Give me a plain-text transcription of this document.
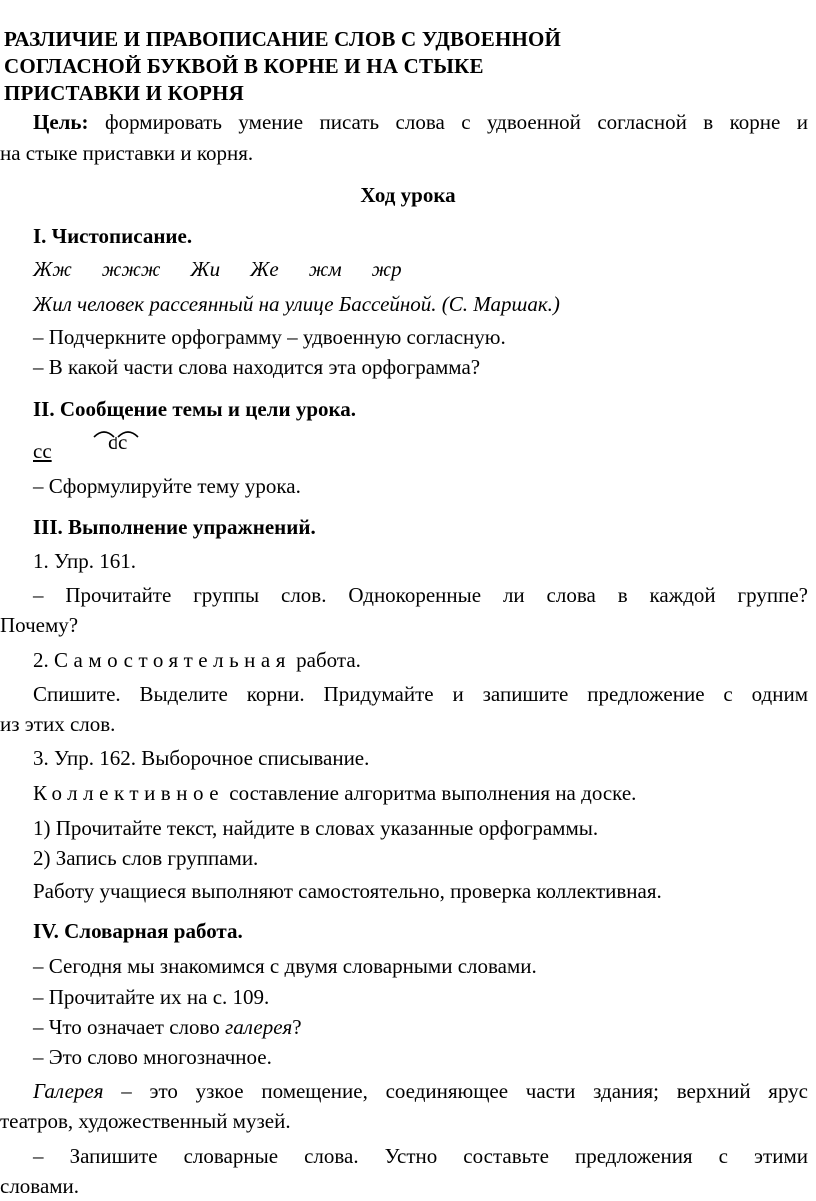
РАЗЛИЧИЕ И ПРАВОПИСАНИЕ СЛОВ С УДВОЕННОЙ
СОГЛАСНОЙ БУКВОЙ В КОРНЕ И НА СТЫКЕ
ПРИСТАВКИ И КОРНЯ
Цель: формировать умение писать слова с удвоенной согласной в корне и
на стыке приставки и корня.
Ход урока
I. Чистописание.
Жж жжж Жи Же жм жр
Жил человек рассеянный на улице Бассейной. (С. Маршак.)
– Подчеркните орфограмму – удвоенную согласную.
– В какой части слова находится эта орфограмма?
II. Сообщение темы и цели урока.
сс	с с
– Сформулируйте тему урока.
III. Выполнение упражнений.
1. Упр. 161.
– Прочитайте группы слов. Однокоренные ли слова в каждой группе?
Почему?
2. Самостоятельная работа.
Спишите. Выделите корни. Придумайте и запишите предложение с одним
из этих слов.
3. Упр. 162. Выборочное списывание.
Коллективное составление алгоритма выполнения на доске.
1) Прочитайте текст, найдите в словах указанные орфограммы.
2) Запись слов группами.
Работу учащиеся выполняют самостоятельно, проверка коллективная.
IV. Словарная работа.
– Сегодня мы знакомимся с двумя словарными словами.
– Прочитайте их на с. 109.
– Что означает слово галерея?
– Это слово многозначное.
Галерея – это узкое помещение, соединяющее части здания; верхний ярус
театров, художественный музей.
– Запишите словарные слова. Устно составьте предложения с этими
словами.
